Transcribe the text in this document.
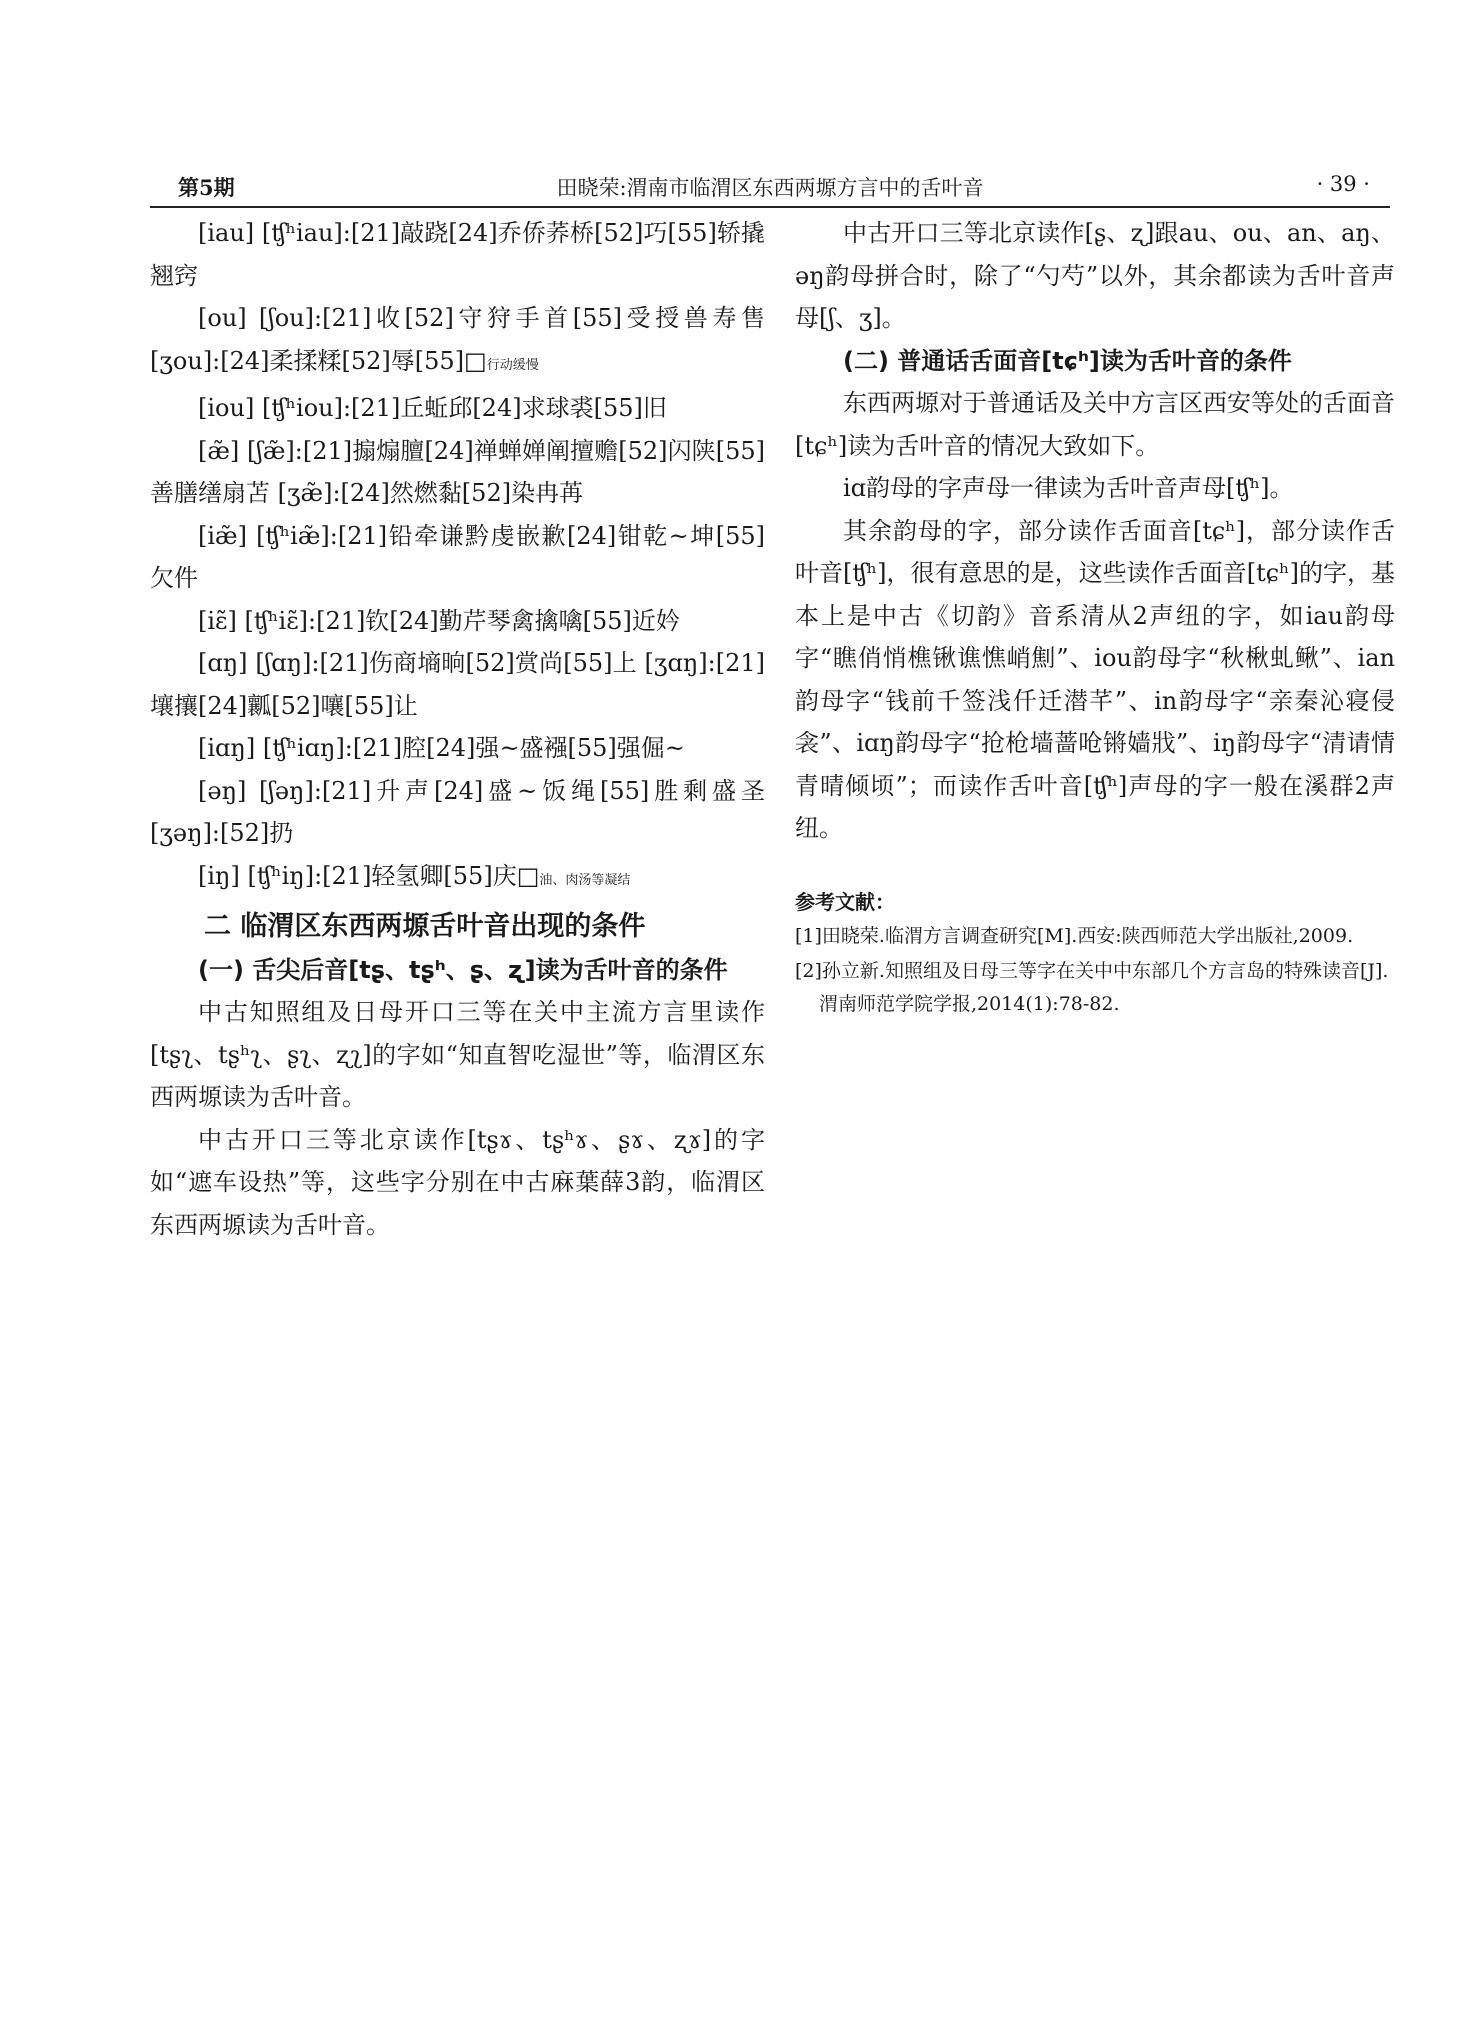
第5期	田晓荣:渭南市临渭区东西两塬方言中的舌叶音	· 39 ·
[iau] [ʧʰiau]:[21]敲跷[24]乔侨荞桥[52]巧[55]轿撬翘窍
[ou] [ʃou]:[21]收[52]守狩手首[55]受授兽寿售[ʒou]:[24]柔揉糅[52]辱[55]□行动缓慢
[iou] [ʧʰiou]:[21]丘蚯邱[24]求球裘[55]旧
[æ̃] [ʃæ̃]:[21]搧煽膻[24]禅蝉婵阐擅赡[52]闪陕[55]善膳缮扇苫 [ʒæ̃]:[24]然燃黏[52]染冉苒
[iæ̃] [ʧʰiæ̃]:[21]铅牵谦黔虔嵌歉[24]钳乾~坤[55]欠件
[iɛ̃] [ʧʰiɛ̃]:[21]钦[24]勤芹琴禽擒噙[55]近妗
[ɑŋ] [ʃɑŋ]:[21]伤商墒晌[52]赏尚[55]上 [ʒɑŋ]:[21]壤攘[24]瓤[52]嚷[55]让
[iɑŋ] [ʧʰiɑŋ]:[21]腔[24]强~盛襁[55]强倔~
[əŋ] [ʃəŋ]:[21]升声[24]盛~饭绳[55]胜剩盛圣[ʒəŋ]:[52]扔
[iŋ] [ʧʰiŋ]:[21]轻氢卿[55]庆□油、肉汤等凝结
二 临渭区东西两塬舌叶音出现的条件
(一) 舌尖后音[tʂ、tʂʰ、ʂ、ʐ]读为舌叶音的条件
中古知照组及日母开口三等在关中主流方言里读作[tʂʅ、tʂʰʅ、ʂʅ、ʐʅ]的字如“知直智吃湿世”等，临渭区东西两塬读为舌叶音。
中古开口三等北京读作[tʂɤ、tʂʰɤ、ʂɤ、ʐɤ]的字如“遮车设热”等，这些字分别在中古麻葉薛3韵，临渭区东西两塬读为舌叶音。
中古开口三等北京读作[ʂ、ʐ]跟au、ou、an、aŋ、əŋ韵母拼合时，除了“勺芍”以外，其余都读为舌叶音声母[ʃ、ʒ]。
(二) 普通话舌面音[tɕʰ]读为舌叶音的条件
东西两塬对于普通话及关中方言区西安等处的舌面音[tɕʰ]读为舌叶音的情况大致如下。
iɑ韵母的字声母一律读为舌叶音声母[ʧʰ]。
其余韵母的字，部分读作舌面音[tɕʰ]，部分读作舌叶音[ʧʰ]，很有意思的是，这些读作舌面音[tɕʰ]的字，基本上是中古《切韵》音系清从2声纽的字，如iau韵母字“瞧俏悄樵锹谯憔峭劁”、iou韵母字“秋楸虬鳅”、ian韵母字“钱前千签浅仟迁潜芊”、in韵母字“亲秦沁寝侵衾”、iɑŋ韵母字“抢枪墙蔷呛锵嫱戕”、iŋ韵母字“清请情青晴倾顷”；而读作舌叶音[ʧʰ]声母的字一般在溪群2声纽。
参考文献：
[1]田晓荣.临渭方言调查研究[M].西安:陕西师范大学出版社,2009.
[2]孙立新.知照组及日母三等字在关中中东部几个方言岛的特殊读音[J].渭南师范学院学报,2014(1):78-82.
